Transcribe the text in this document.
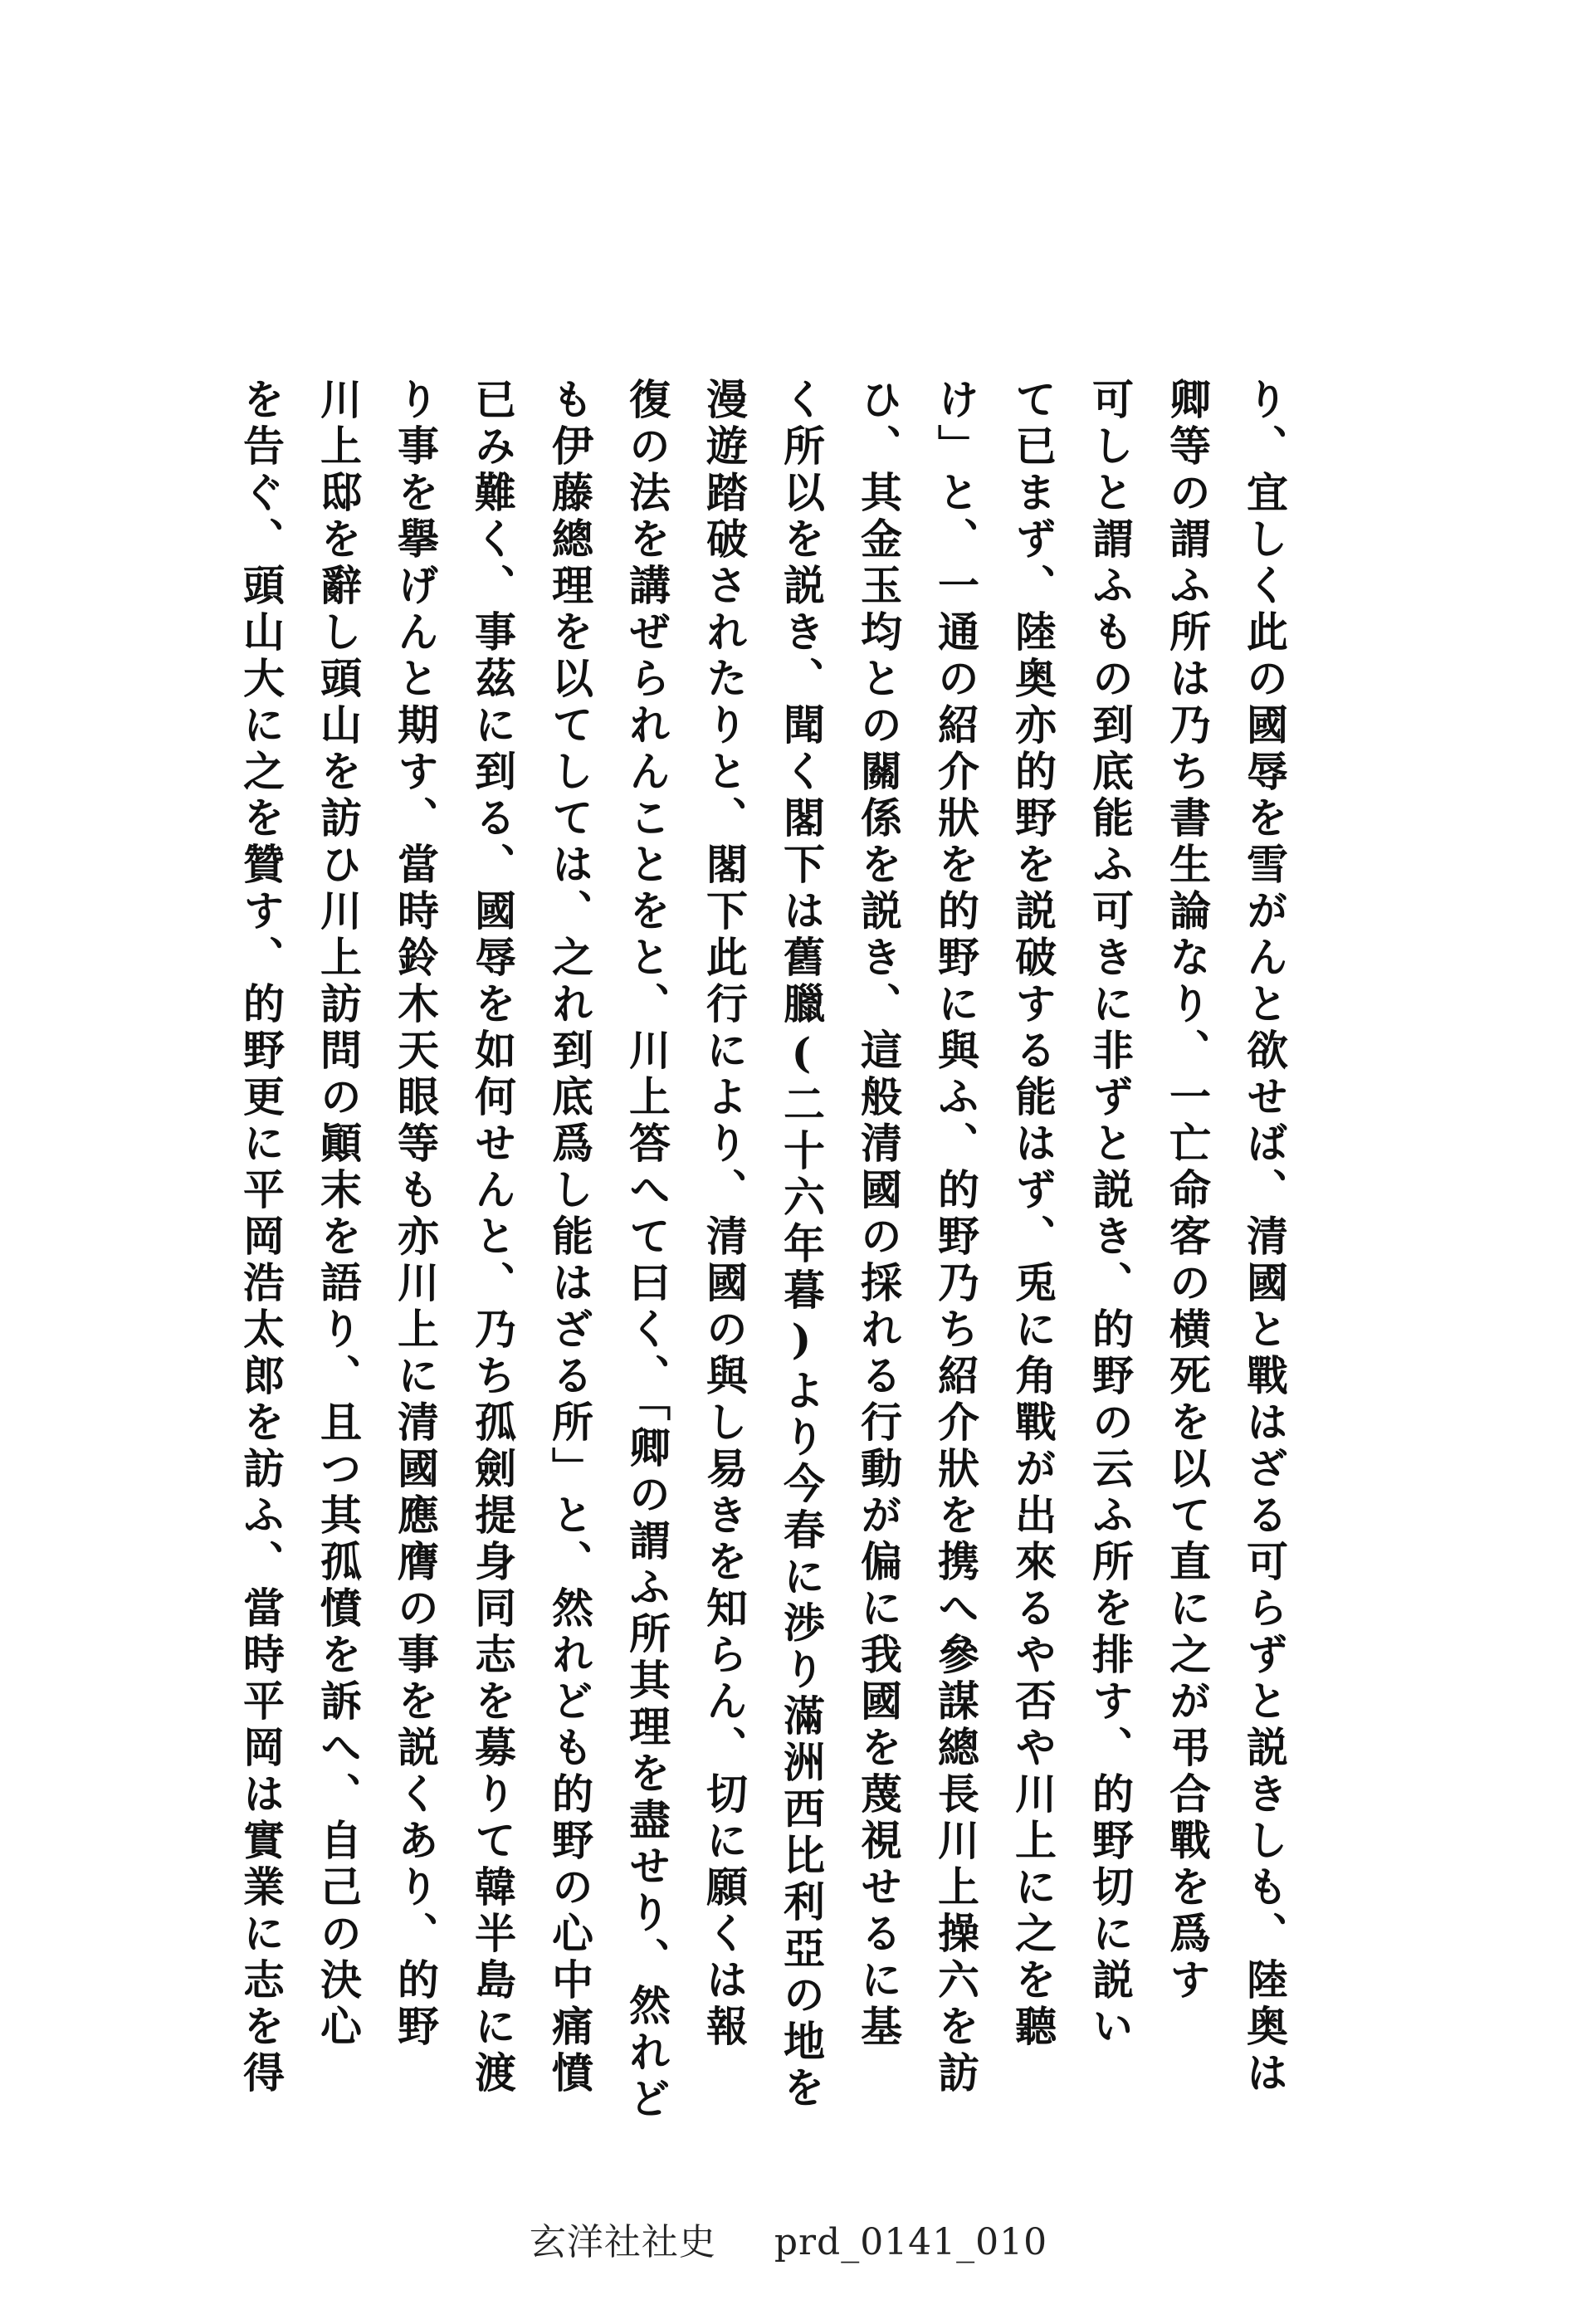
り、宜しく此の國辱を雪がんと欲せば、清國と戰はざる可らずと説きしも、陸奥は
卿等の謂ふ所は乃ち書生論なり、一亡命客の横死を以て直に之が弔合戰を爲す
可しと謂ふもの到底能ふ可きに非ずと説き、的野の云ふ所を排す、的野切に説い
て已まず、陸奥亦的野を説破する能はず、兎に角戰が出來るや否や川上に之を聽
け」と、一通の紹介狀を的野に與ふ、的野乃ち紹介狀を携へ參謀總長川上操六を訪
ひ、其金玉均との關係を説き、這般清國の採れる行動が偏に我國を蔑視せるに基
く所以を説き、聞く閣下は舊臘(二十六年暮)より今春に渉り滿洲西比利亞の地を
漫遊踏破されたりと、閣下此行により、清國の與し易きを知らん、切に願くは報
復の法を講ぜられんことをと、川上答へて曰く、「卿の謂ふ所其理を盡せり、然れど
も伊藤總理を以てしては、之れ到底爲し能はざる所」と、然れども的野の心中痛憤
已み難く、事茲に到る、國辱を如何せんと、乃ち孤劍提身同志を募りて韓半島に渡
り事を擧げんと期す、當時鈴木天眼等も亦川上に清國應膺の事を説くあり、的野
川上邸を辭し頭山を訪ひ川上訪問の顚末を語り、且つ其孤憤を訴へ、自己の決心
を告ぐ、頭山大に之を贊す、的野更に平岡浩太郎を訪ふ、當時平岡は實業に志を得
玄洋社社史 prd_0141_010
